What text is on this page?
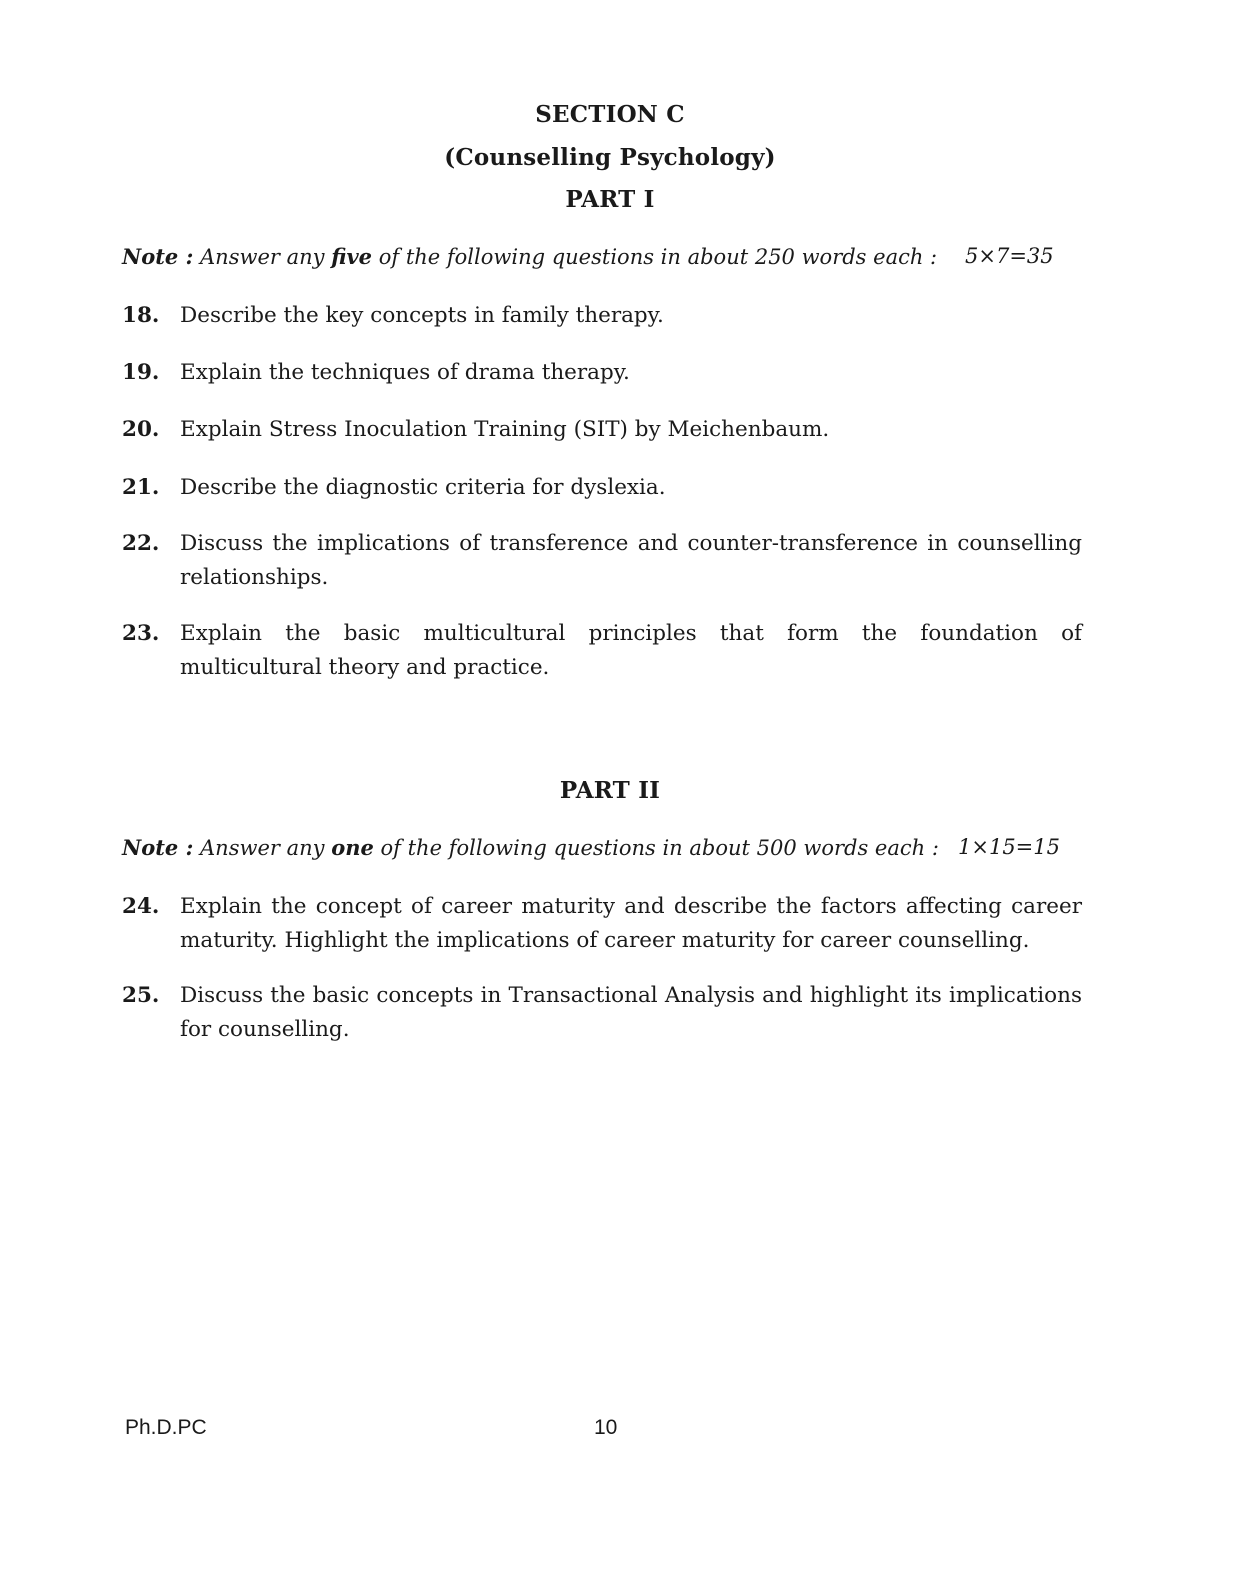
SECTION C
(Counselling Psychology)
PART I
Note : Answer any five of the following questions in about 250 words each : 5×7=35
18. Describe the key concepts in family therapy.
19. Explain the techniques of drama therapy.
20. Explain Stress Inoculation Training (SIT) by Meichenbaum.
21. Describe the diagnostic criteria for dyslexia.
22. Discuss the implications of transference and counter-transference in counselling relationships.
23. Explain the basic multicultural principles that form the foundation of multicultural theory and practice.
PART II
Note : Answer any one of the following questions in about 500 words each : 1×15=15
24. Explain the concept of career maturity and describe the factors affecting career maturity. Highlight the implications of career maturity for career counselling.
25. Discuss the basic concepts in Transactional Analysis and highlight its implications for counselling.
Ph.D.PC	10
